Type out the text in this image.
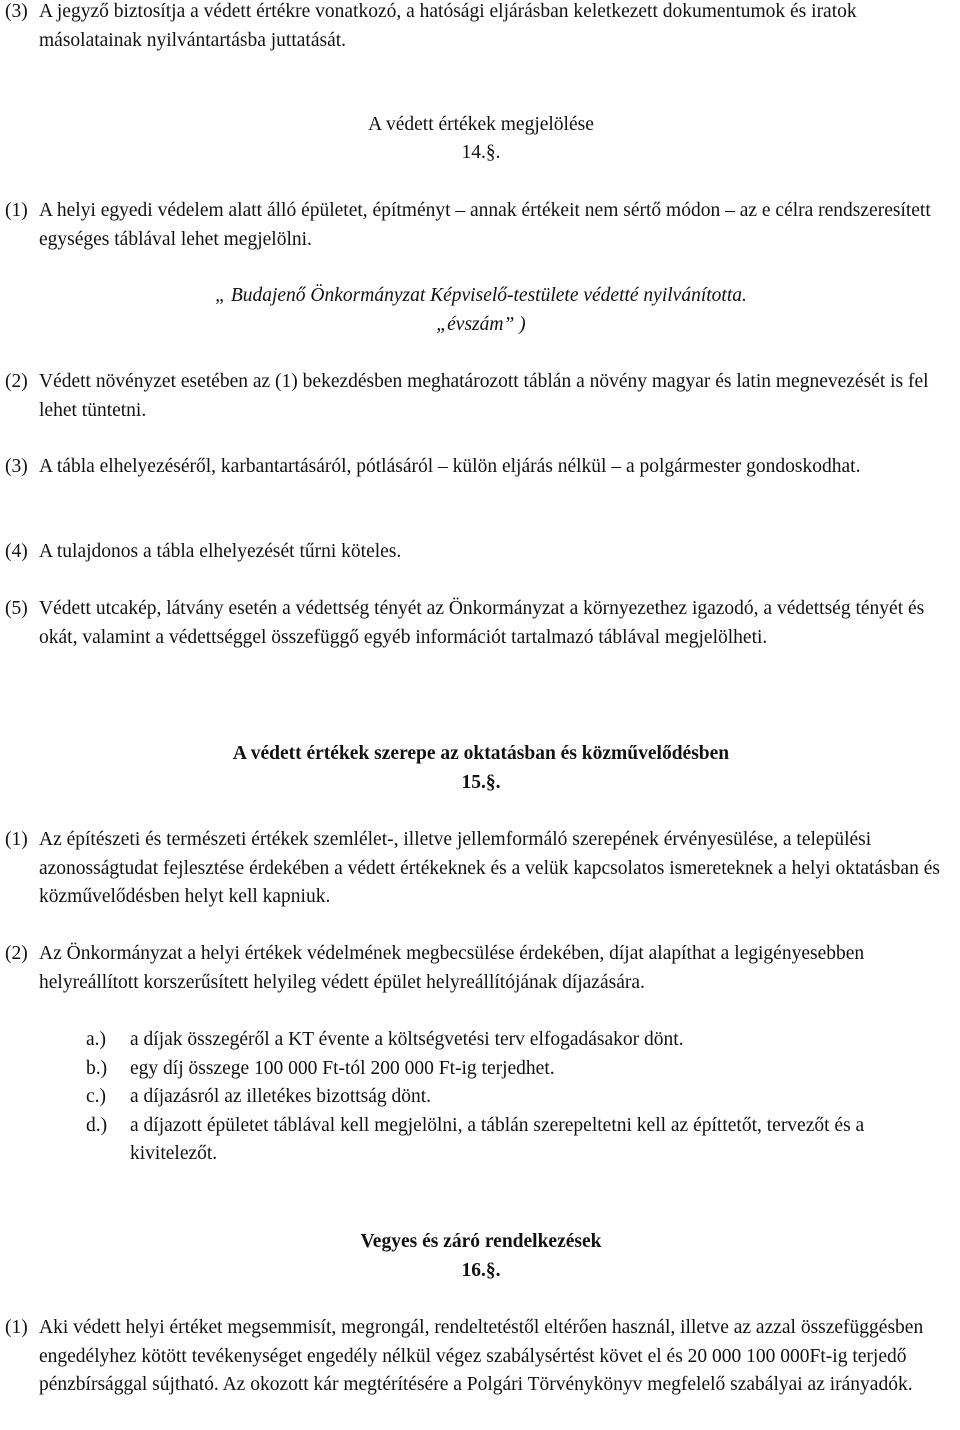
(3) A jegyző biztosítja a védett értékre vonatkozó, a hatósági eljárásban keletkezett dokumentumok és iratok másolatainak nyilvántartásba juttatását.
A védett értékek megjelölése
14.§.
(1) A helyi egyedi védelem alatt álló épületet, építményt ‒ annak értékeit nem sértő módon ‒ az e célra rendszeresített egységes táblával lehet megjelölni.
„ Budajenő Önkormányzat Képviselő-testülete védetté nyilvánította.
„évszám” )
(2) Védett növényzet esetében az (1) bekezdésben meghatározott táblán a növény magyar és latin megnevezését is fel lehet tüntetni.
(3) A tábla elhelyezéséről, karbantartásáról, pótlásáról ‒ külön eljárás nélkül ‒ a polgármester gondoskodhat.
(4) A tulajdonos a tábla elhelyezését tűrni köteles.
(5) Védett utcakép, látvány esetén a védettség tényét az Önkormányzat a környezethez igazodó, a védettség tényét és okát, valamint a védettséggel összefüggő egyéb információt tartalmazó táblával megjelölheti.
A védett értékek szerepe az oktatásban és közművelődésben
15.§.
(1) Az építészeti és természeti értékek szemlélet-, illetve jellemformáló szerepének érvényesülése, a települési azonosságtudat fejlesztése érdekében a védett értékeknek és a velük kapcsolatos ismereteknek a helyi oktatásban és közművelődésben helyt kell kapniuk.
(2) Az Önkormányzat a helyi értékek védelmének megbecsülése érdekében, díjat alapíthat a legigényesebben helyreállított korszerűsített helyileg védett épület helyreállítójának díjazására.
a.)	a díjak összegéről a KT évente a költségvetési terv elfogadásakor dönt.
b.)	egy díj összege 100 000 Ft-tól 200 000 Ft-ig terjedhet.
c.)	a díjazásról az illetékes bizottság dönt.
d.)	a díjazott épületet táblával kell megjelölni, a táblán szerepeltetni kell az építtetőt, tervezőt és a kivitelezőt.
Vegyes és záró rendelkezések
16.§.
(1) Aki védett helyi értéket megsemmisít, megrongál, rendeltetéstől eltérően használ, illetve az azzal összefüggésben engedélyhez kötött tevékenységet engedély nélkül végez szabálysértést követ el és 20 000 100 000Ft-ig terjedő pénzbírsággal sújtható. Az okozott kár megtérítésére a Polgári Törvénykönyv megfelelő szabályai az irányadók.
